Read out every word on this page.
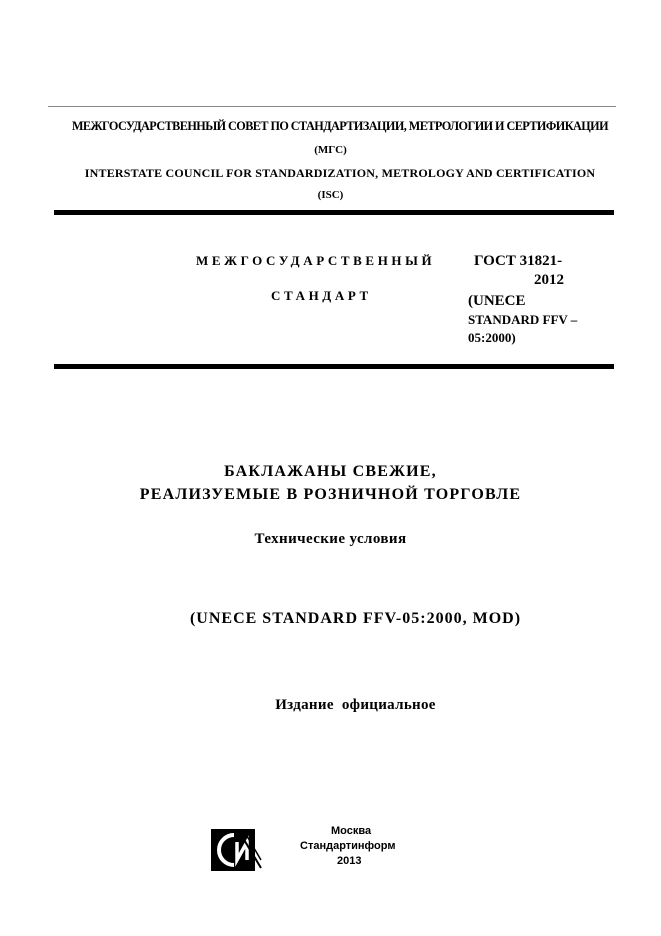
МЕЖГОСУДАРСТВЕННЫЙ СОВЕТ ПО СТАНДАРТИЗАЦИИ, МЕТРОЛОГИИ И СЕРТИФИКАЦИИ
(МГС)
INTERSTATE COUNCIL FOR STANDARDIZATION, METROLOGY AND CERTIFICATION
(ISC)
МЕЖГОСУДАРСТВЕННЫЙ
СТАНДАРТ
ГОСТ 31821-
2012
(UNECE
STANDARD FFV –
05:2000)
БАКЛАЖАНЫ СВЕЖИЕ,
РЕАЛИЗУЕМЫЕ В РОЗНИЧНОЙ ТОРГОВЛЕ
Технические условия
(UNECE STANDARD FFV-05:2000, MOD)
Издание  официальное
Москва
Стандартинформ
2013
